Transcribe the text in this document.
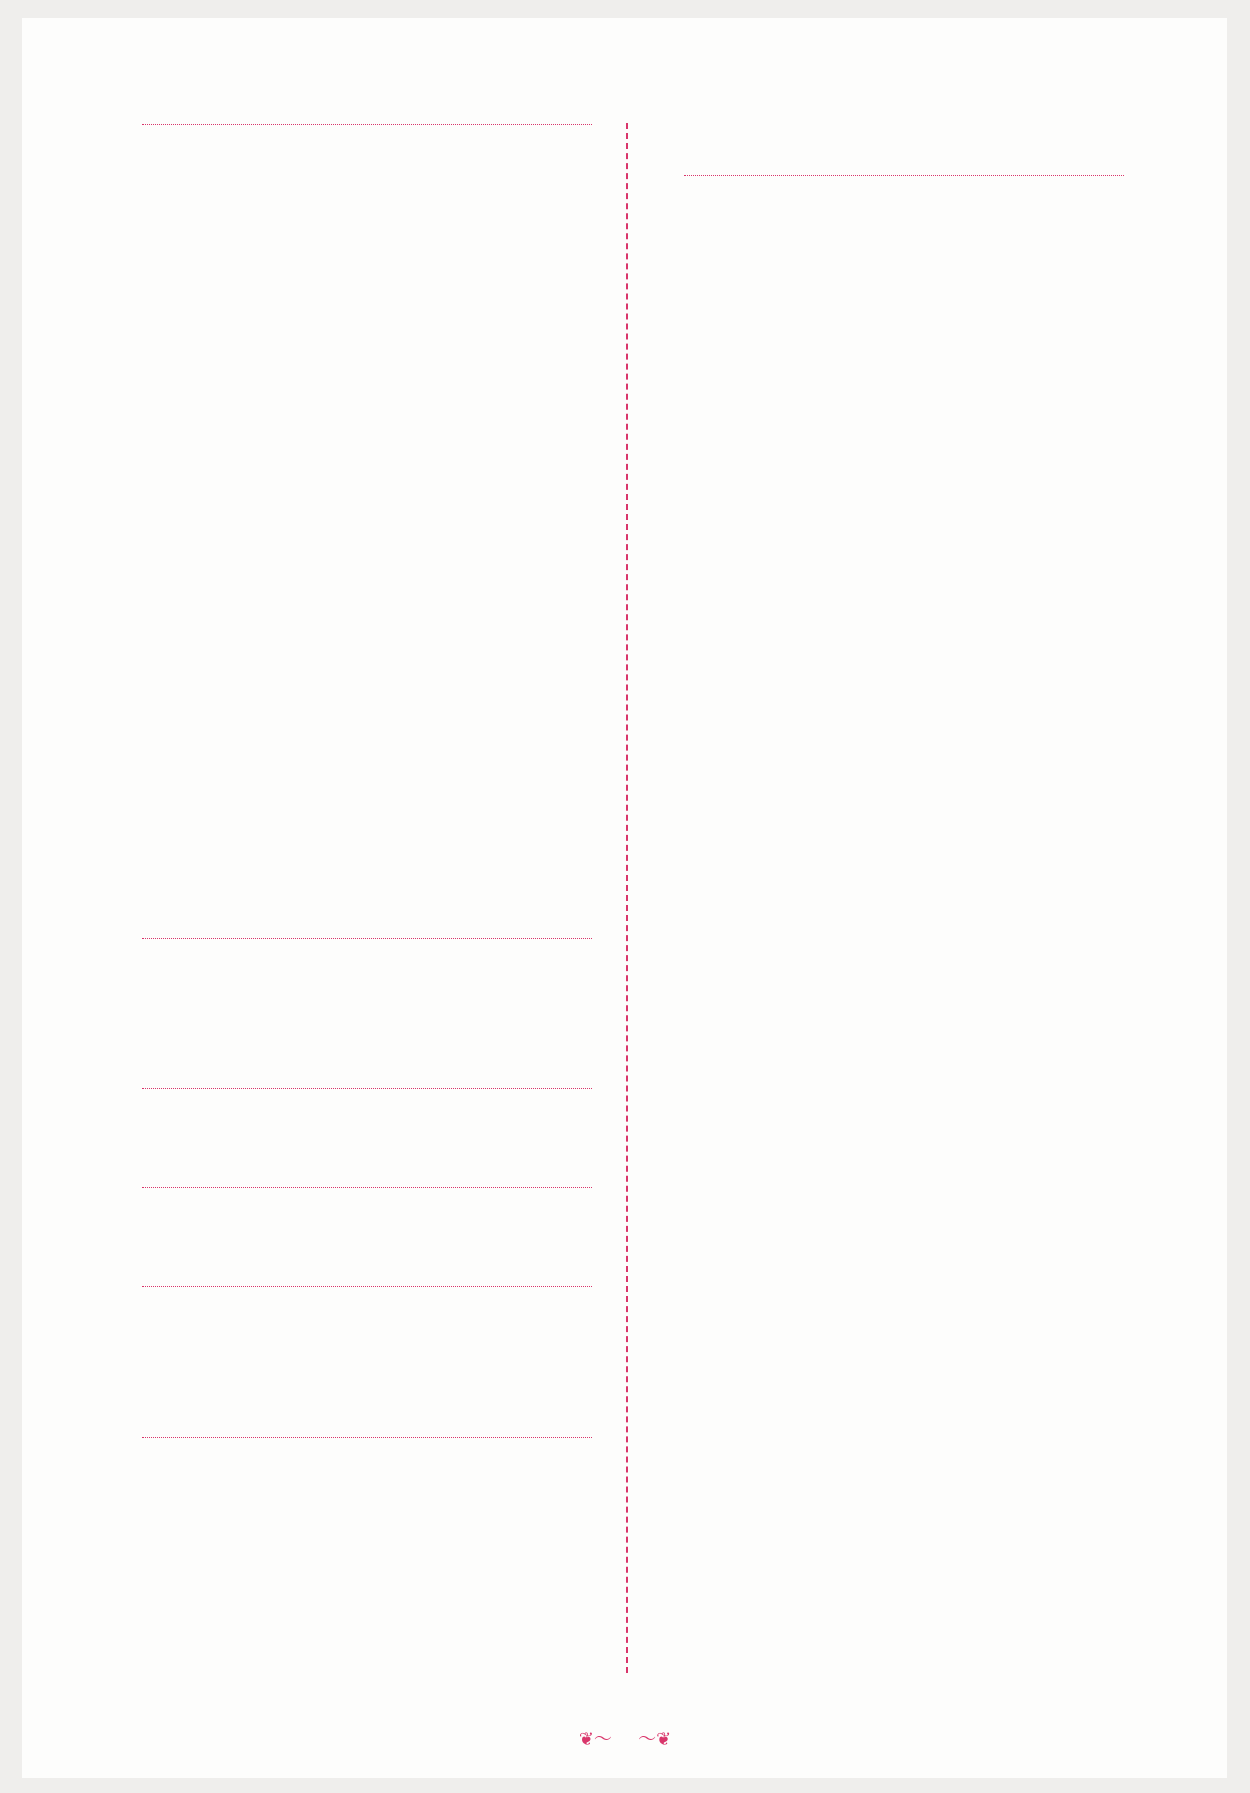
❦～ ～❦
